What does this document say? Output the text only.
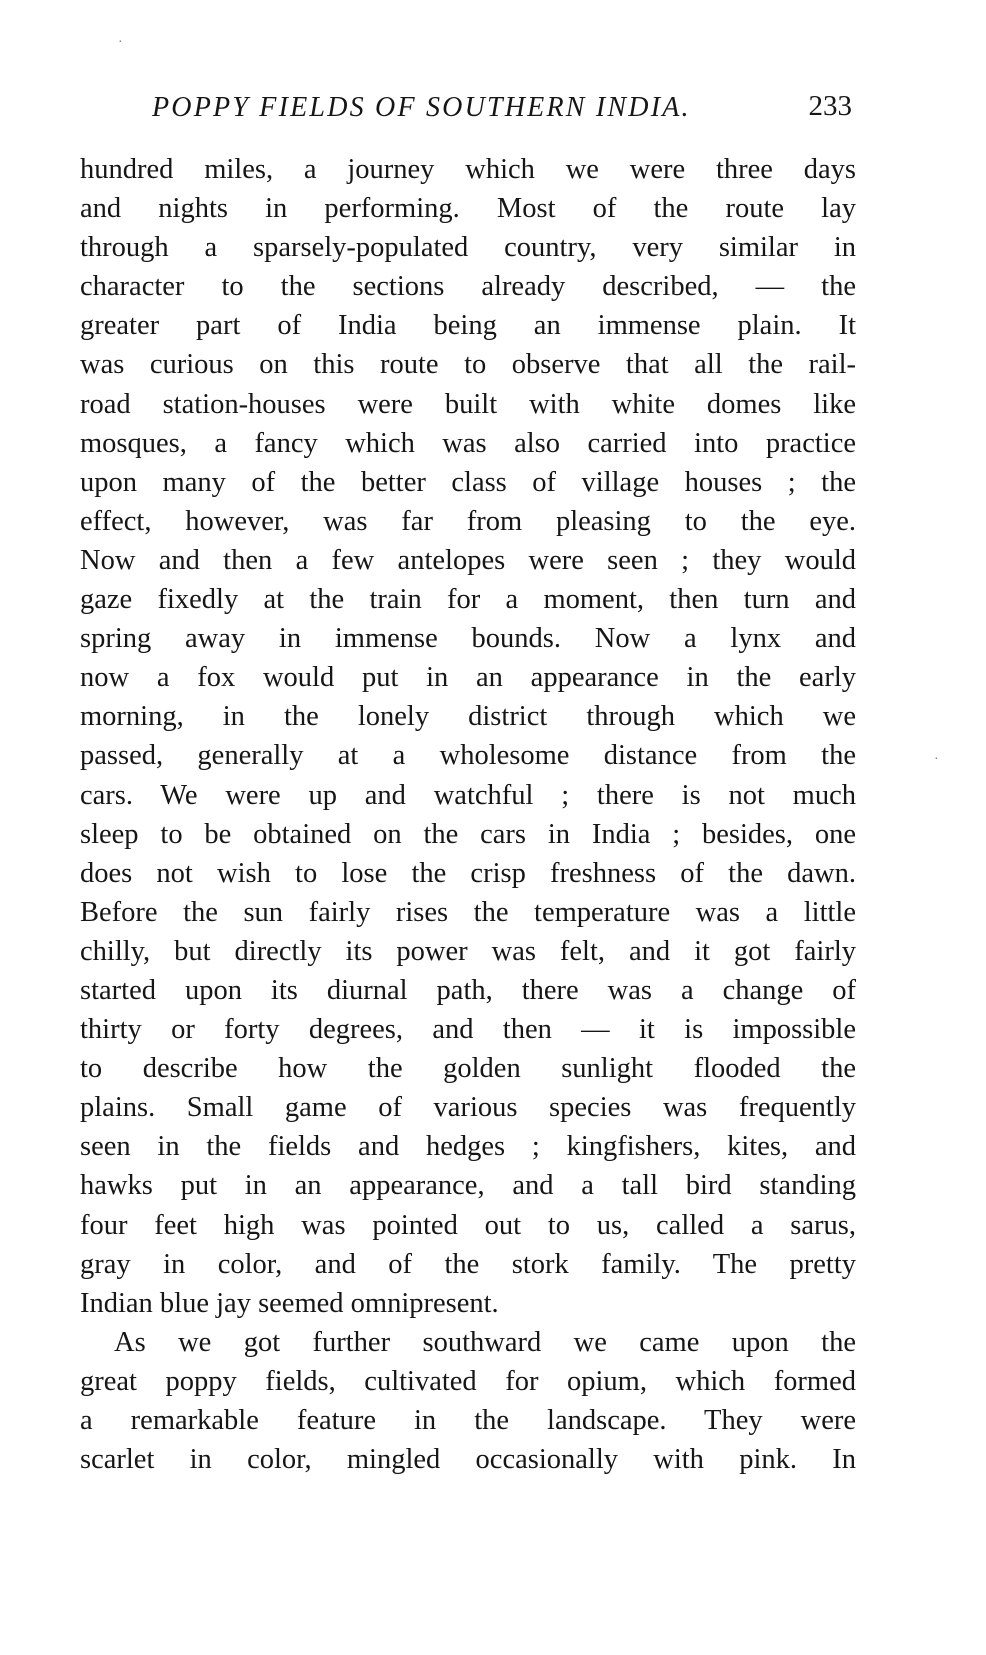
·
·
POPPY FIELDS OF SOUTHERN INDIA.	233
hundred miles, a journey which we were three days
and nights in performing. Most of the route lay
through a sparsely-populated country, very similar in
character to the sections already described, — the
greater part of India being an immense plain. It
was curious on this route to observe that all the rail-
road station-houses were built with white domes like
mosques, a fancy which was also carried into practice
upon many of the better class of village houses ; the
effect, however, was far from pleasing to the eye.
Now and then a few antelopes were seen ; they would
gaze fixedly at the train for a moment, then turn and
spring away in immense bounds. Now a lynx and
now a fox would put in an appearance in the early
morning, in the lonely district through which we
passed, generally at a wholesome distance from the
cars. We were up and watchful ; there is not much
sleep to be obtained on the cars in India ; besides, one
does not wish to lose the crisp freshness of the dawn.
Before the sun fairly rises the temperature was a little
chilly, but directly its power was felt, and it got fairly
started upon its diurnal path, there was a change of
thirty or forty degrees, and then — it is impossible
to describe how the golden sunlight flooded the
plains. Small game of various species was frequently
seen in the fields and hedges ; kingfishers, kites, and
hawks put in an appearance, and a tall bird standing
four feet high was pointed out to us, called a sarus,
gray in color, and of the stork family. The pretty
Indian blue jay seemed omnipresent.
As we got further southward we came upon the
great poppy fields, cultivated for opium, which formed
a remarkable feature in the landscape. They were
scarlet in color, mingled occasionally with pink. In
